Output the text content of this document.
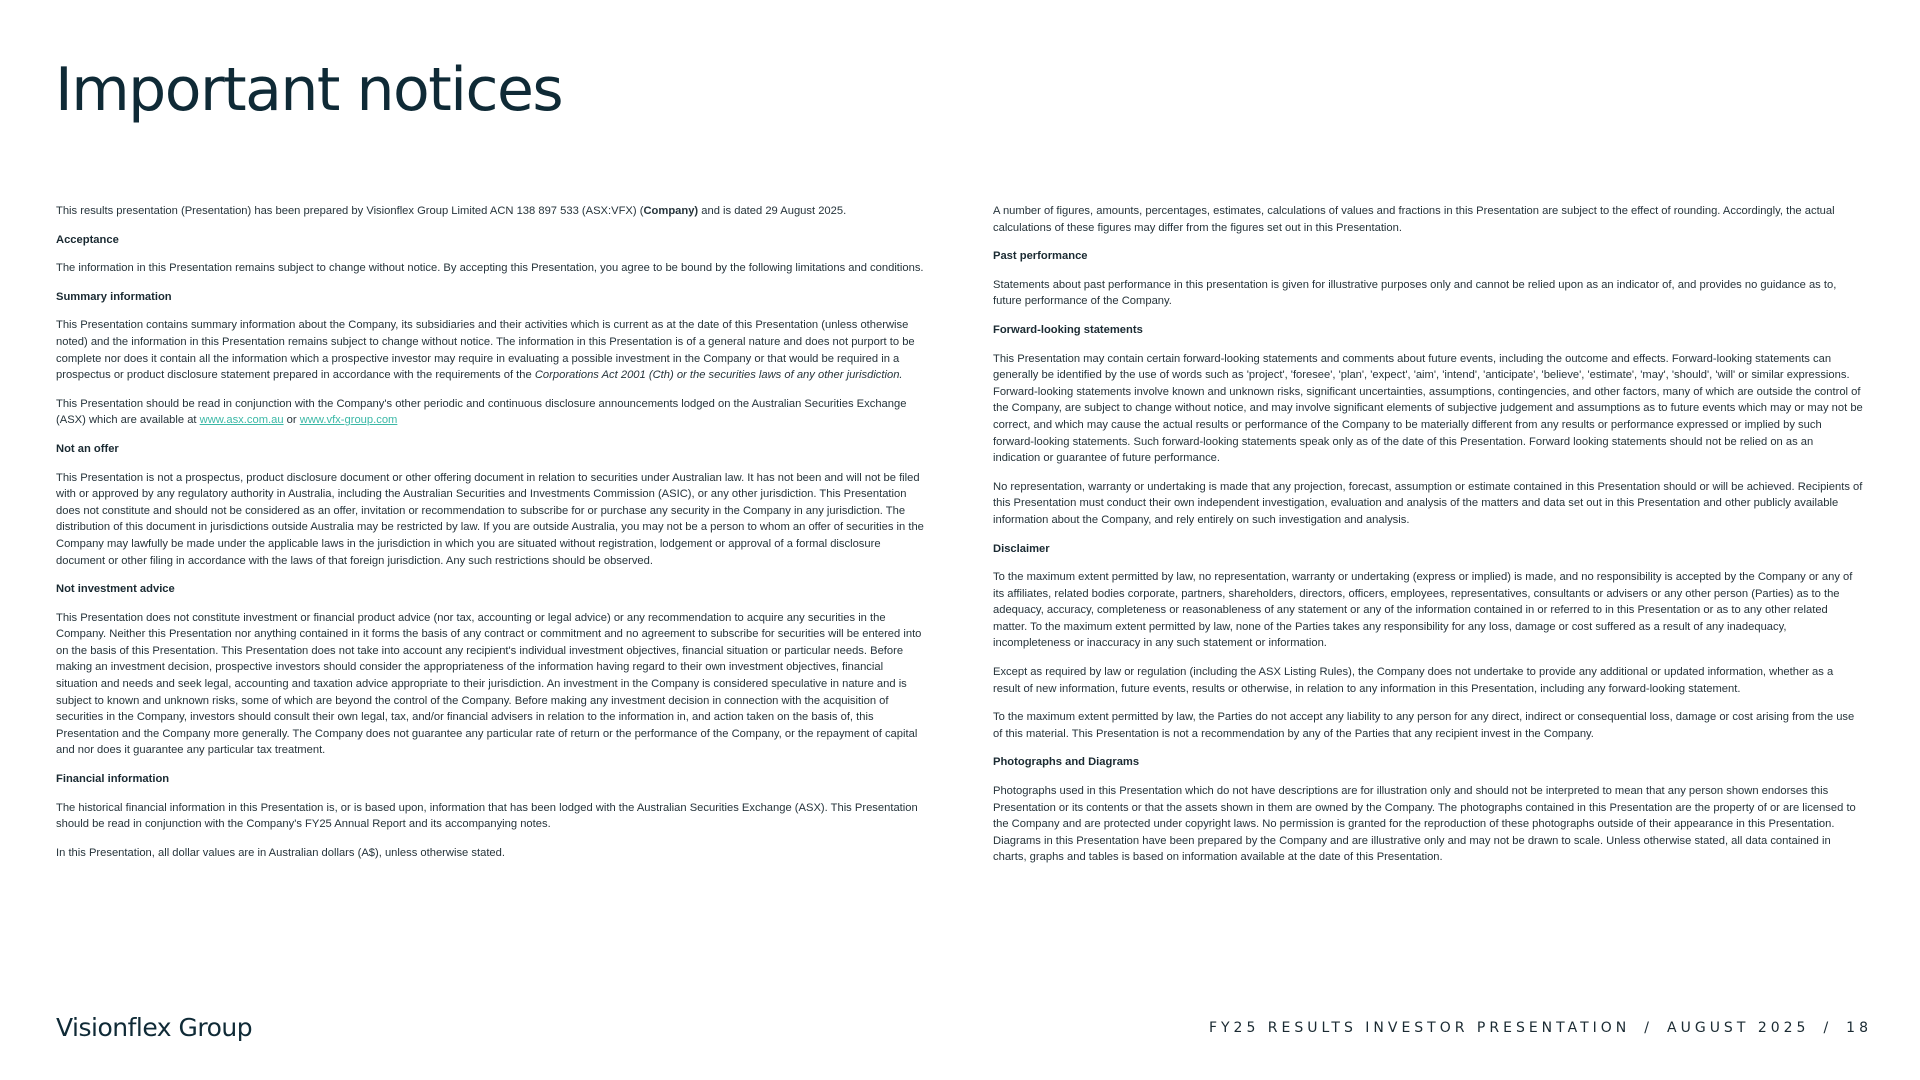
Important notices

This results presentation (Presentation) has been prepared by Visionflex Group Limited ACN 138 897 533 (ASX:VFX) (Company) and is dated 29 August 2025.

Acceptance

The information in this Presentation remains subject to change without notice. By accepting this Presentation, you agree to be bound by the following limitations and conditions.

Summary information

This Presentation contains summary information about the Company, its subsidiaries and their activities which is current as at the date of this Presentation (unless otherwise noted) and the information in this Presentation remains subject to change without notice. The information in this Presentation is of a general nature and does not purport to be complete nor does it contain all the information which a prospective investor may require in evaluating a possible investment in the Company or that would be required in a prospectus or product disclosure statement prepared in accordance with the requirements of the Corporations Act 2001 (Cth) or the securities laws of any other jurisdiction.

This Presentation should be read in conjunction with the Company's other periodic and continuous disclosure announcements lodged on the Australian Securities Exchange (ASX) which are available at www.asx.com.au or www.vfx-group.com

Not an offer

This Presentation is not a prospectus, product disclosure document or other offering document in relation to securities under Australian law. It has not been and will not be filed with or approved by any regulatory authority in Australia, including the Australian Securities and Investments Commission (ASIC), or any other jurisdiction. This Presentation does not constitute and should not be considered as an offer, invitation or recommendation to subscribe for or purchase any security in the Company in any jurisdiction. The distribution of this document in jurisdictions outside Australia may be restricted by law. If you are outside Australia, you may not be a person to whom an offer of securities in the Company may lawfully be made under the applicable laws in the jurisdiction in which you are situated without registration, lodgement or approval of a formal disclosure document or other filing in accordance with the laws of that foreign jurisdiction. Any such restrictions should be observed.

Not investment advice

This Presentation does not constitute investment or financial product advice (nor tax, accounting or legal advice) or any recommendation to acquire any securities in the Company. Neither this Presentation nor anything contained in it forms the basis of any contract or commitment and no agreement to subscribe for securities will be entered into on the basis of this Presentation. This Presentation does not take into account any recipient's individual investment objectives, financial situation or particular needs. Before making an investment decision, prospective investors should consider the appropriateness of the information having regard to their own investment objectives, financial situation and needs and seek legal, accounting and taxation advice appropriate to their jurisdiction. An investment in the Company is considered speculative in nature and is subject to known and unknown risks, some of which are beyond the control of the Company. Before making any investment decision in connection with the acquisition of securities in the Company, investors should consult their own legal, tax, and/or financial advisers in relation to the information in, and action taken on the basis of, this Presentation and the Company more generally. The Company does not guarantee any particular rate of return or the performance of the Company, or the repayment of capital and nor does it guarantee any particular tax treatment.

Financial information

The historical financial information in this Presentation is, or is based upon, information that has been lodged with the Australian Securities Exchange (ASX). This Presentation should be read in conjunction with the Company's FY25 Annual Report and its accompanying notes.

In this Presentation, all dollar values are in Australian dollars (A$), unless otherwise stated.

A number of figures, amounts, percentages, estimates, calculations of values and fractions in this Presentation are subject to the effect of rounding. Accordingly, the actual calculations of these figures may differ from the figures set out in this Presentation.

Past performance

Statements about past performance in this presentation is given for illustrative purposes only and cannot be relied upon as an indicator of, and provides no guidance as to, future performance of the Company.

Forward-looking statements

This Presentation may contain certain forward-looking statements and comments about future events, including the outcome and effects. Forward-looking statements can generally be identified by the use of words such as 'project', 'foresee', 'plan', 'expect', 'aim', 'intend', 'anticipate', 'believe', 'estimate', 'may', 'should', 'will' or similar expressions. Forward-looking statements involve known and unknown risks, significant uncertainties, assumptions, contingencies, and other factors, many of which are outside the control of the Company, are subject to change without notice, and may involve significant elements of subjective judgement and assumptions as to future events which may or may not be correct, and which may cause the actual results or performance of the Company to be materially different from any results or performance expressed or implied by such forward-looking statements. Such forward-looking statements speak only as of the date of this Presentation. Forward looking statements should not be relied on as an indication or guarantee of future performance.

No representation, warranty or undertaking is made that any projection, forecast, assumption or estimate contained in this Presentation should or will be achieved. Recipients of this Presentation must conduct their own independent investigation, evaluation and analysis of the matters and data set out in this Presentation and other publicly available information about the Company, and rely entirely on such investigation and analysis.

Disclaimer

To the maximum extent permitted by law, no representation, warranty or undertaking (express or implied) is made, and no responsibility is accepted by the Company or any of its affiliates, related bodies corporate, partners, shareholders, directors, officers, employees, representatives, consultants or advisers or any other person (Parties) as to the adequacy, accuracy, completeness or reasonableness of any statement or any of the information contained in or referred to in this Presentation or as to any other related matter. To the maximum extent permitted by law, none of the Parties takes any responsibility for any loss, damage or cost suffered as a result of any inadequacy, incompleteness or inaccuracy in any such statement or information.

Except as required by law or regulation (including the ASX Listing Rules), the Company does not undertake to provide any additional or updated information, whether as a result of new information, future events, results or otherwise, in relation to any information in this Presentation, including any forward-looking statement.

To the maximum extent permitted by law, the Parties do not accept any liability to any person for any direct, indirect or consequential loss, damage or cost arising from the use of this material. This Presentation is not a recommendation by any of the Parties that any recipient invest in the Company.

Photographs and Diagrams

Photographs used in this Presentation which do not have descriptions are for illustration only and should not be interpreted to mean that any person shown endorses this Presentation or its contents or that the assets shown in them are owned by the Company. The photographs contained in this Presentation are the property of or are licensed to the Company and are protected under copyright laws. No permission is granted for the reproduction of these photographs outside of their appearance in this Presentation. Diagrams in this Presentation have been prepared by the Company and are illustrative only and may not be drawn to scale. Unless otherwise stated, all data contained in charts, graphs and tables is based on information available at the date of this Presentation.

Visionflex Group	FY25 RESULTS INVESTOR PRESENTATION / AUGUST 2025 / 18
